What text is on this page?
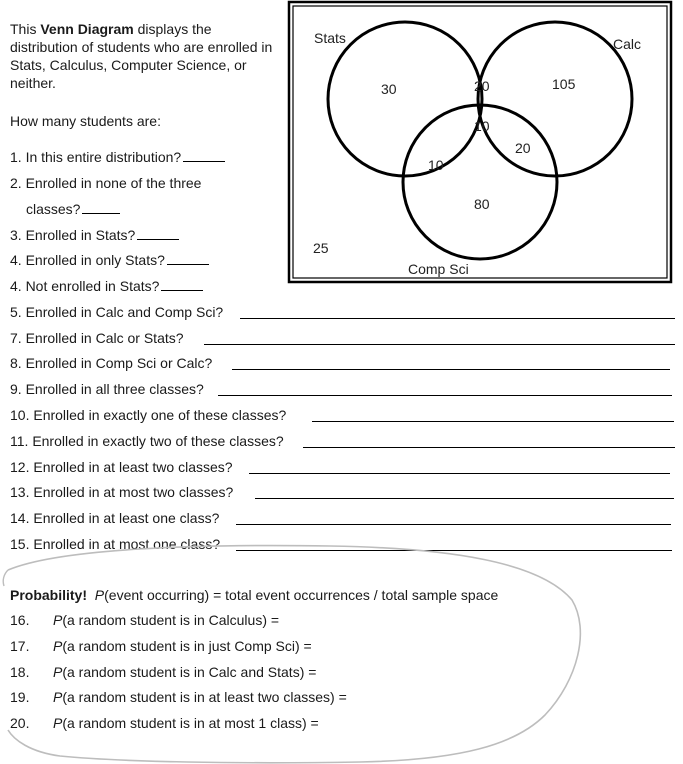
This Venn Diagram displays the distribution of students who are enrolled in Stats, Calculus, Computer Science, or neither.
How many students are:
1. In this entire distribution?
2. Enrolled in none of the three
classes?
3. Enrolled in Stats?
4. Enrolled in only Stats?
4. Not enrolled in Stats?
5. Enrolled in Calc and Comp Sci?
7. Enrolled in Calc or Stats?
8. Enrolled in Comp Sci or Calc?
9. Enrolled in all three classes?
10. Enrolled in exactly one of these classes?
11. Enrolled in exactly two of these classes?
12. Enrolled in at least two classes?
13. Enrolled in at most two classes?
14. Enrolled in at least one class?
15. Enrolled in at most one class?
Stats	Calc
Comp Sci
30	20	105
10
20
10
80
25
Probability! P(event occurring) = total event occurrences / total sample space
16. P(a random student is in Calculus) =
17. P(a random student is in just Comp Sci) =
18. P(a random student is in Calc and Stats) =
19. P(a random student is in at least two classes) =
20. P(a random student is in at most 1 class) =
